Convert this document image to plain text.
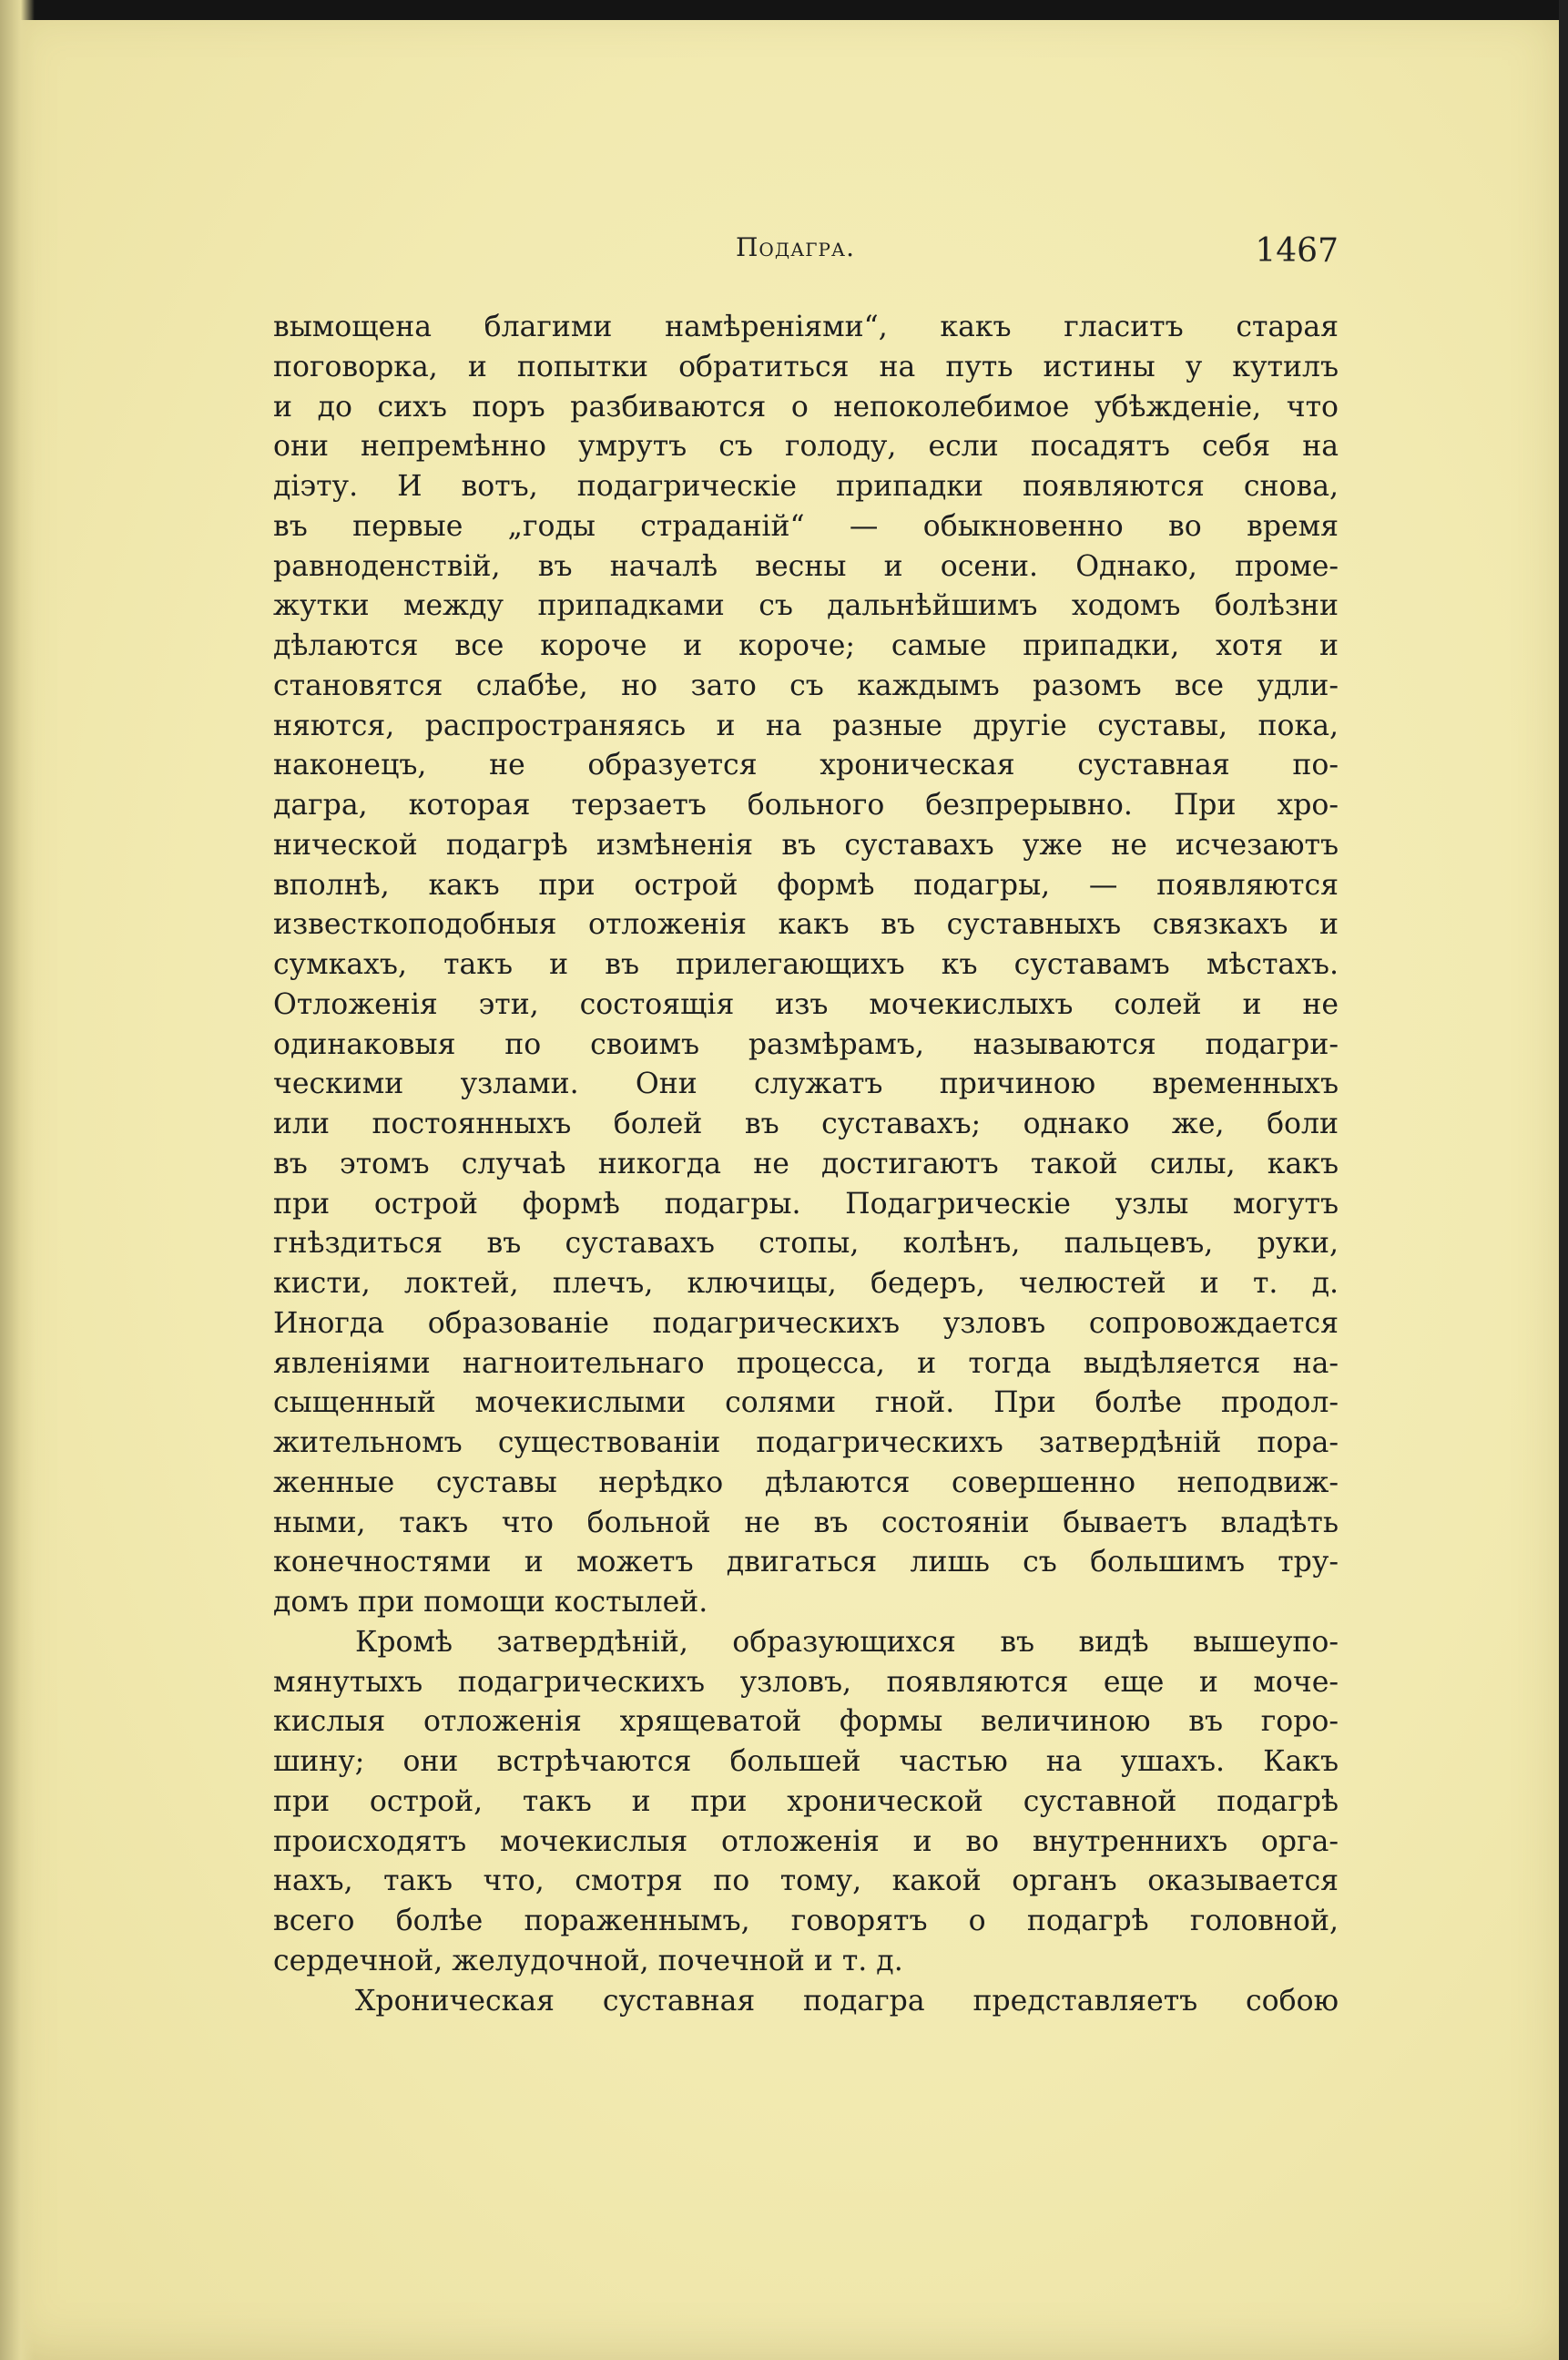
Подагра.	1467
вымощена благими намѣреніями“, какъ гласитъ старая
поговорка, и попытки обратиться на путь истины у кутилъ
и до сихъ поръ разбиваются о непоколебимое убѣжденіе, что
они непремѣнно умрутъ съ голоду, если посадятъ себя на
діэту. И вотъ, подагрическіе припадки появляются снова,
въ первые „годы страданій“ — обыкновенно во время
равноденствій, въ началѣ весны и осени. Однако, проме-
жутки между припадками съ дальнѣйшимъ ходомъ болѣзни
дѣлаются все короче и короче; самые припадки, хотя и
становятся слабѣе, но зато съ каждымъ разомъ все удли-
няются, распространяясь и на разные другіе суставы, пока,
наконецъ, не образуется хроническая суставная по-
дагра, которая терзаетъ больного безпрерывно. При хро-
нической подагрѣ измѣненія въ суставахъ уже не исчезаютъ
вполнѣ, какъ при острой формѣ подагры, — появляются
известкоподобныя отложенія какъ въ суставныхъ связкахъ и
сумкахъ, такъ и въ прилегающихъ къ суставамъ мѣстахъ.
Отложенія эти, состоящія изъ мочекислыхъ солей и не
одинаковыя по своимъ размѣрамъ, называются подагри-
ческими узлами. Они служатъ причиною временныхъ
или постоянныхъ болей въ суставахъ; однако же, боли
въ этомъ случаѣ никогда не достигаютъ такой силы, какъ
при острой формѣ подагры. Подагрическіе узлы могутъ
гнѣздиться въ суставахъ стопы, колѣнъ, пальцевъ, руки,
кисти, локтей, плечъ, ключицы, бедеръ, челюстей и т. д.
Иногда образованіе подагрическихъ узловъ сопровождается
явленіями нагноительнаго процесса, и тогда выдѣляется на-
сыщенный мочекислыми солями гной. При болѣе продол-
жительномъ существованіи подагрическихъ затвердѣній пора-
женные суставы нерѣдко дѣлаются совершенно неподвиж-
ными, такъ что больной не въ состояніи бываетъ владѣть
конечностями и можетъ двигаться лишь съ большимъ тру-
домъ при помощи костылей.
Кромѣ затвердѣній, образующихся въ видѣ вышеупо-
мянутыхъ подагрическихъ узловъ, появляются еще и моче-
кислыя отложенія хрящеватой формы величиною въ горо-
шину; они встрѣчаются большей частью на ушахъ. Какъ
при острой, такъ и при хронической суставной подагрѣ
происходятъ мочекислыя отложенія и во внутреннихъ орга-
нахъ, такъ что, смотря по тому, какой органъ оказывается
всего болѣе пораженнымъ, говорятъ о подагрѣ головной,
сердечной, желудочной, почечной и т. д.
Хроническая суставная подагра представляетъ собою
